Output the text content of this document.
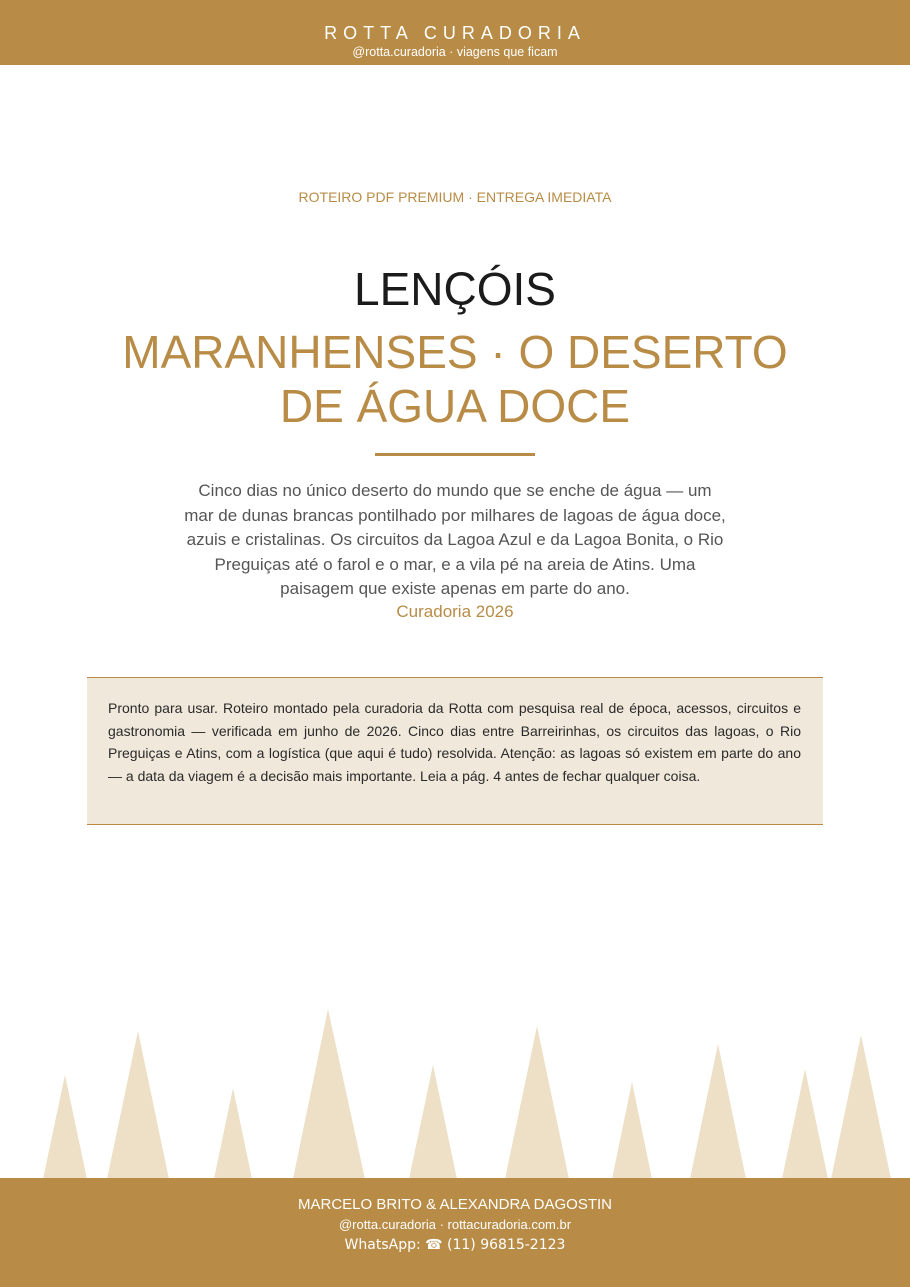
ROTTA CURADORIA
@rotta.curadoria · viagens que ficam
ROTEIRO PDF PREMIUM · ENTREGA IMEDIATA
LENÇÓIS
MARANHENSES · O DESERTO DE ÁGUA DOCE
Cinco dias no único deserto do mundo que se enche de água — um mar de dunas brancas pontilhado por milhares de lagoas de água doce, azuis e cristalinas. Os circuitos da Lagoa Azul e da Lagoa Bonita, o Rio Preguiças até o farol e o mar, e a vila pé na areia de Atins. Uma paisagem que existe apenas em parte do ano.
Curadoria 2026
Pronto para usar. Roteiro montado pela curadoria da Rotta com pesquisa real de época, acessos, circuitos e gastronomia — verificada em junho de 2026. Cinco dias entre Barreirinhas, os circuitos das lagoas, o Rio Preguiças e Atins, com a logística (que aqui é tudo) resolvida. Atenção: as lagoas só existem em parte do ano — a data da viagem é a decisão mais importante. Leia a pág. 4 antes de fechar qualquer coisa.
MARCELO BRITO & ALEXANDRA DAGOSTIN
@rotta.curadoria · rottacuradoria.com.br
WhatsApp: ☎ (11) 96815-2123
